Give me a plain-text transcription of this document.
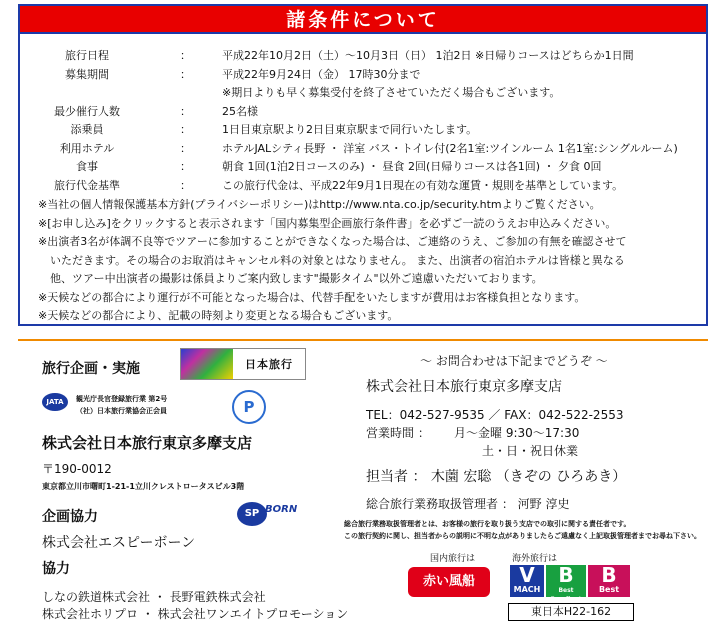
諸条件について
旅行日程	：	平成22年10月2日（土）～10月3日（日） 1泊2日 ※日帰りコースはどちらか1日間
募集期間	：	平成22年9月24日（金） 17時30分まで
※期日よりも早く募集受付を終了させていただく場合もございます。
最少催行人数	：	25名様
添乗員	：	1日目東京駅より2日目東京駅まで同行いたします。
利用ホテル	：	ホテルJALシティ長野 ・ 洋室 バス・トイレ付(2名1室:ツインルーム 1名1室:シングルルーム)
食事	：	朝食 1回(1泊2日コースのみ) ・ 昼食 2回(日帰りコースは各1回) ・ 夕食 0回
旅行代金基準	：	この旅行代金は、平成22年9月1日現在の有効な運賃・規則を基準としています。
※当社の個人情報保護基本方針(プライバシーポリシー)はhttp://www.nta.co.jp/security.htmよりご覧ください。
※[お申し込み]をクリックすると表示されます「国内募集型企画旅行条件書」を必ずご一読のうえお申込みください。
※出演者3名が体調不良等でツアーに参加することができなくなった場合は、ご連絡のうえ、ご参加の有無を確認させて
いただきます。その場合のお取消はキャンセル料の対象とはなりません。 また、出演者の宿泊ホテルは皆様と異なる
他、ツアー中出演者の撮影は係員よりご案内致します"撮影タイム"以外ご遠慮いただいております。
※天候などの都合により運行が不可能となった場合は、代替手配をいたしますが費用はお客様負担となります。
※天候などの都合により、記載の時刻より変更となる場合もございます。
旅行企画・実施	日本旅行
JATA	観光庁長官登録旅行業 第2号
（社）日本旅行業協会正会員	P
株式会社日本旅行東京多摩支店
〒190-0012
東京都立川市曙町1-21-1立川クレストロータスビル3階
企画協力	SP BORN
株式会社エスピーボーン
協力
しなの鉄道株式会社 ・ 長野電鉄株式会社
株式会社ホリプロ ・ 株式会社ワンエイトプロモーション
～ お問合わせは下記までどうぞ ～
株式会社日本旅行東京多摩支店
TEL：042-527-9535 ／ FAX：042-522-2553
営業時間 ： 月～金曜 9:30～17:30
土・日・祝日休業
担当者 ： 木薗 宏聡 （きぞの ひろあき）
総合旅行業務取扱管理者 ： 河野 淳史
総合旅行業務取扱管理者とは、お客様の旅行を取り扱う支店での取引に関する責任者です。
この旅行契約に関し、担当者からの説明に不明な点がありましたらご遠慮なく上記取扱管理者までお尋ね下さい。
国内旅行は	海外旅行は
赤い風船	V
MACH
B
Best Excellent
B
Best
東日本H22-162
